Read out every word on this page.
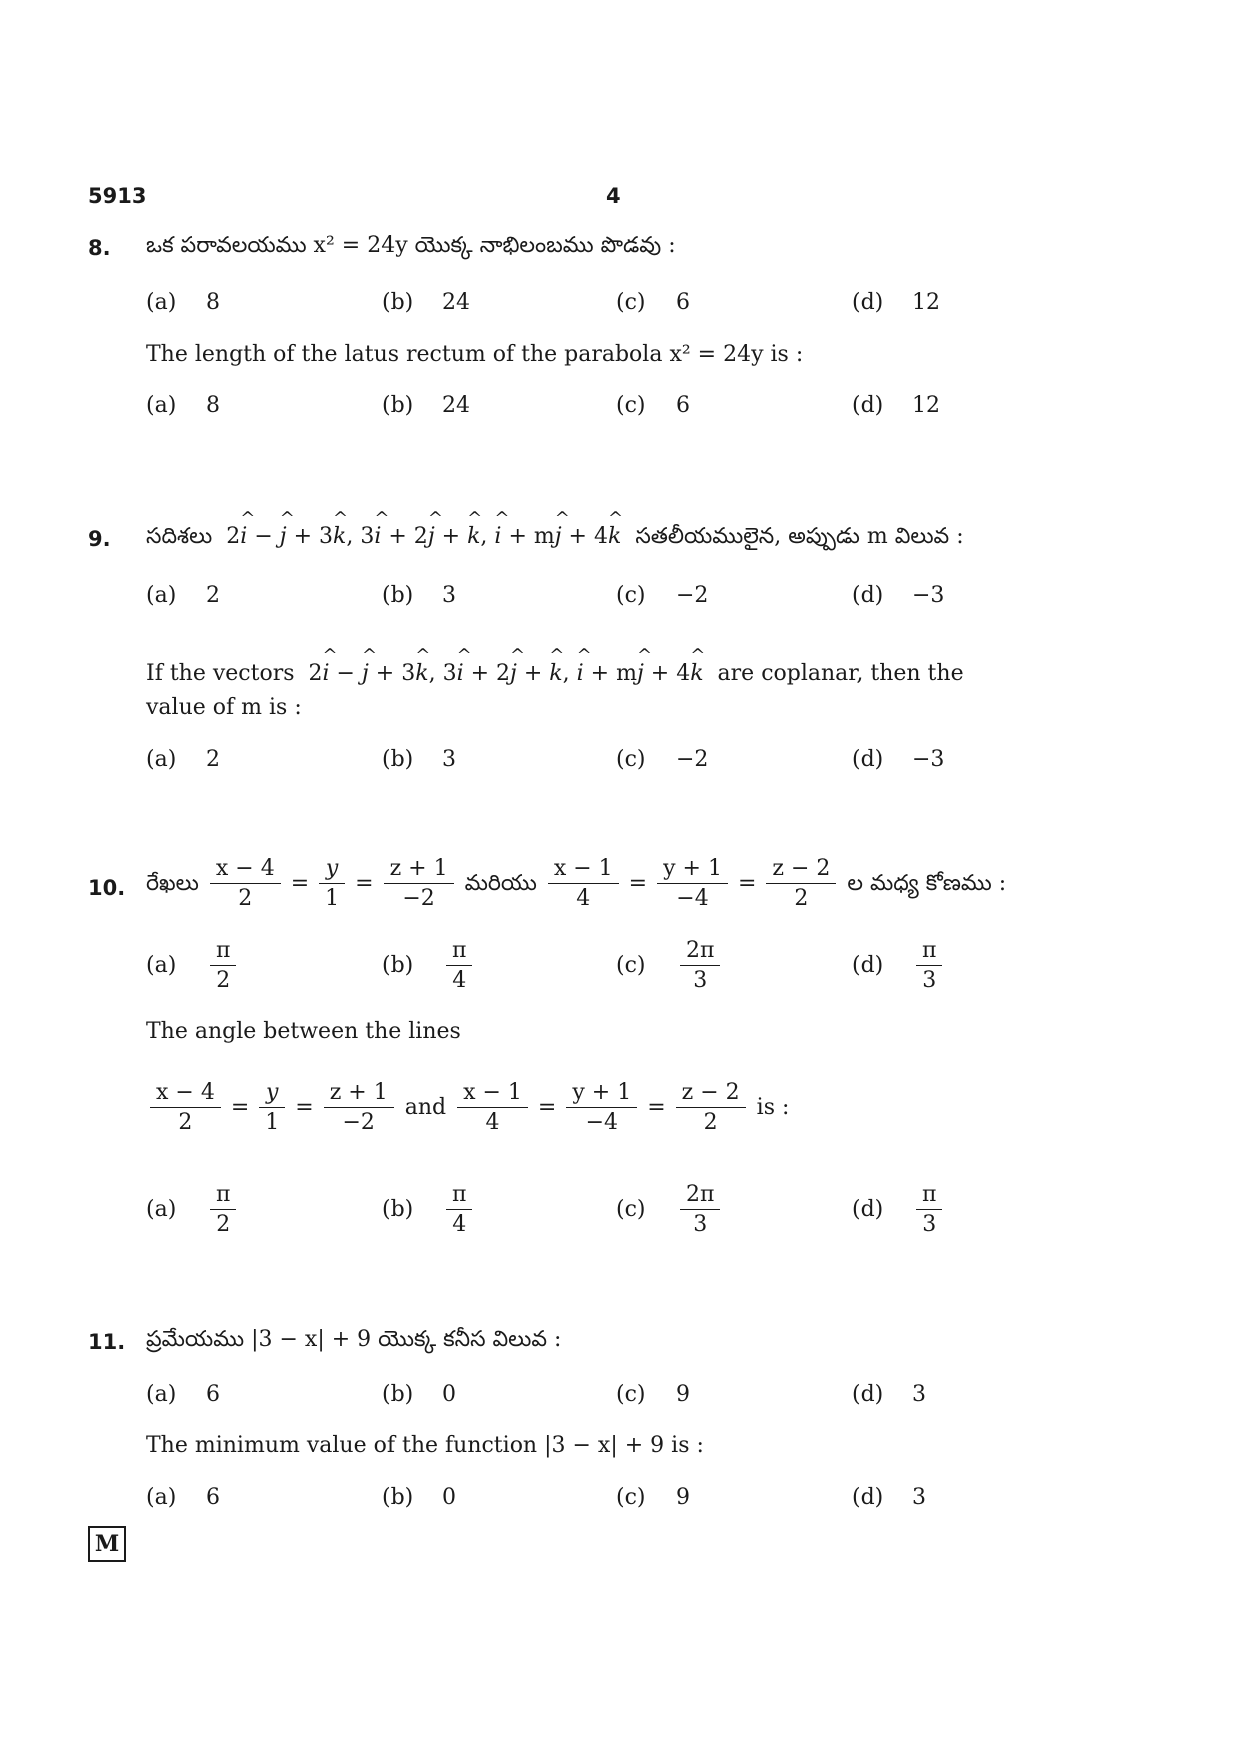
5913	4
8. ఒక పరావలయము x² = 24y యొక్క నాభిలంబము పొడవు :
(a) 8	(b) 24	(c) 6	(d) 12
The length of the latus rectum of the parabola x² = 24y is :
(a) 8	(b) 24	(c) 6	(d) 12
9. సదిశలు  2^ i − ^ j + 3^ k, 3^ i + 2^ j + ^ k, ^ i + m^ j + 4^ k సతలీయములైన, అప్పుడు m విలువ :
(a) 2	(b) 3	(c) −2	(d) −3
If the vectors  2^ i − ^ j + 3^ k, 3^ i + 2^ j + ^ k, ^ i + m^ j + 4^ k are coplanar, then the
value of m is :
(a) 2	(b) 3	(c) −2	(d) −3
10. రేఖలు $\frac{x - 4}{2} = \frac{y}{1} = \frac{z + 1}{-2}$ మరియు $\frac{x - 1}{4} = \frac{y + 1}{-4} = \frac{z - 2}{2}$ ల మధ్య కోణము :
$(a) \frac{\pi}{2}$	$(b) \frac{\pi}{4}$	$(c) \frac{2\pi}{3}$	$(d) \frac{\pi}{3}$
The angle between the lines
$\frac{x - 4}{2} = \frac{y}{1} = \frac{z + 1}{-2}$ and $\frac{x - 1}{4} = \frac{y + 1}{-4} = \frac{z - 2}{2}$ is :
$(a) \frac{\pi}{2}$	$(b) \frac{\pi}{4}$	$(c) \frac{2\pi}{3}$	$(d) \frac{\pi}{3}$
11. ప్రమేయము |3 − x| + 9 యొక్క కనీస విలువ :
(a) 6	(b) 0	(c) 9	(d) 3
The minimum value of the function |3 − x| + 9 is :
(a) 6	(b) 0	(c) 9	(d) 3
M
